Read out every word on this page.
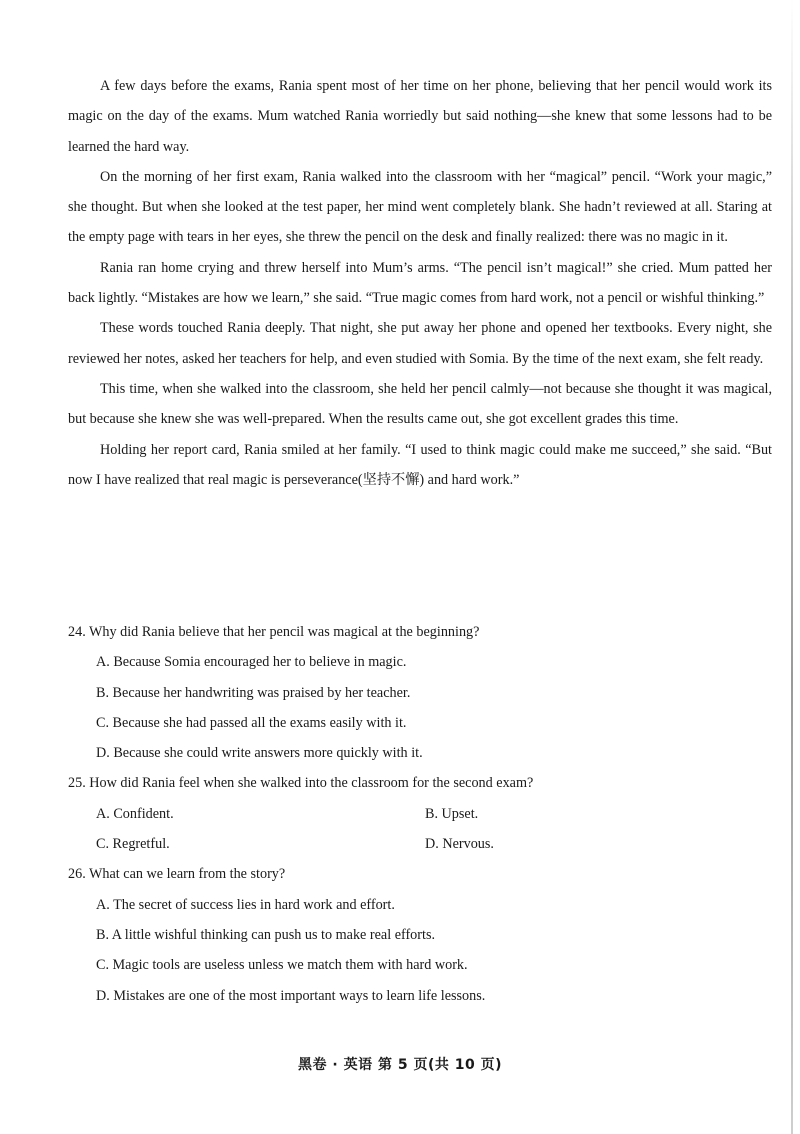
A few days before the exams, Rania spent most of her time on her phone, believing that her pencil would work its magic on the day of the exams. Mum watched Rania worriedly but said nothing—she knew that some lessons had to be learned the hard way.

On the morning of her first exam, Rania walked into the classroom with her “magical” pencil. “Work your magic,” she thought. But when she looked at the test paper, her mind went completely blank. She hadn’t reviewed at all. Staring at the empty page with tears in her eyes, she threw the pencil on the desk and finally realized: there was no magic in it.

Rania ran home crying and threw herself into Mum’s arms. “The pencil isn’t magical!” she cried. Mum patted her back lightly. “Mistakes are how we learn,” she said. “True magic comes from hard work, not a pencil or wishful thinking.”

These words touched Rania deeply. That night, she put away her phone and opened her textbooks. Every night, she reviewed her notes, asked her teachers for help, and even studied with Somia. By the time of the next exam, she felt ready.

This time, when she walked into the classroom, she held her pencil calmly—not because she thought it was magical, but because she knew she was well-prepared. When the results came out, she got excellent grades this time.

Holding her report card, Rania smiled at her family. “I used to think magic could make me succeed,” she said. “But now I have realized that real magic is perseverance(坚持不懈) and hard work.”

24. Why did Rania believe that her pencil was magical at the beginning?

A. Because Somia encouraged her to believe in magic.

B. Because her handwriting was praised by her teacher.

C. Because she had passed all the exams easily with it.

D. Because she could write answers more quickly with it.

25. How did Rania feel when she walked into the classroom for the second exam?

A. Confident.	B. Upset.
C. Regretful.	D. Nervous.

26. What can we learn from the story?

A. The secret of success lies in hard work and effort.

B. A little wishful thinking can push us to make real efforts.

C. Magic tools are useless unless we match them with hard work.

D. Mistakes are one of the most important ways to learn life lessons.

黑卷 · 英语 第 5 页(共 10 页)
